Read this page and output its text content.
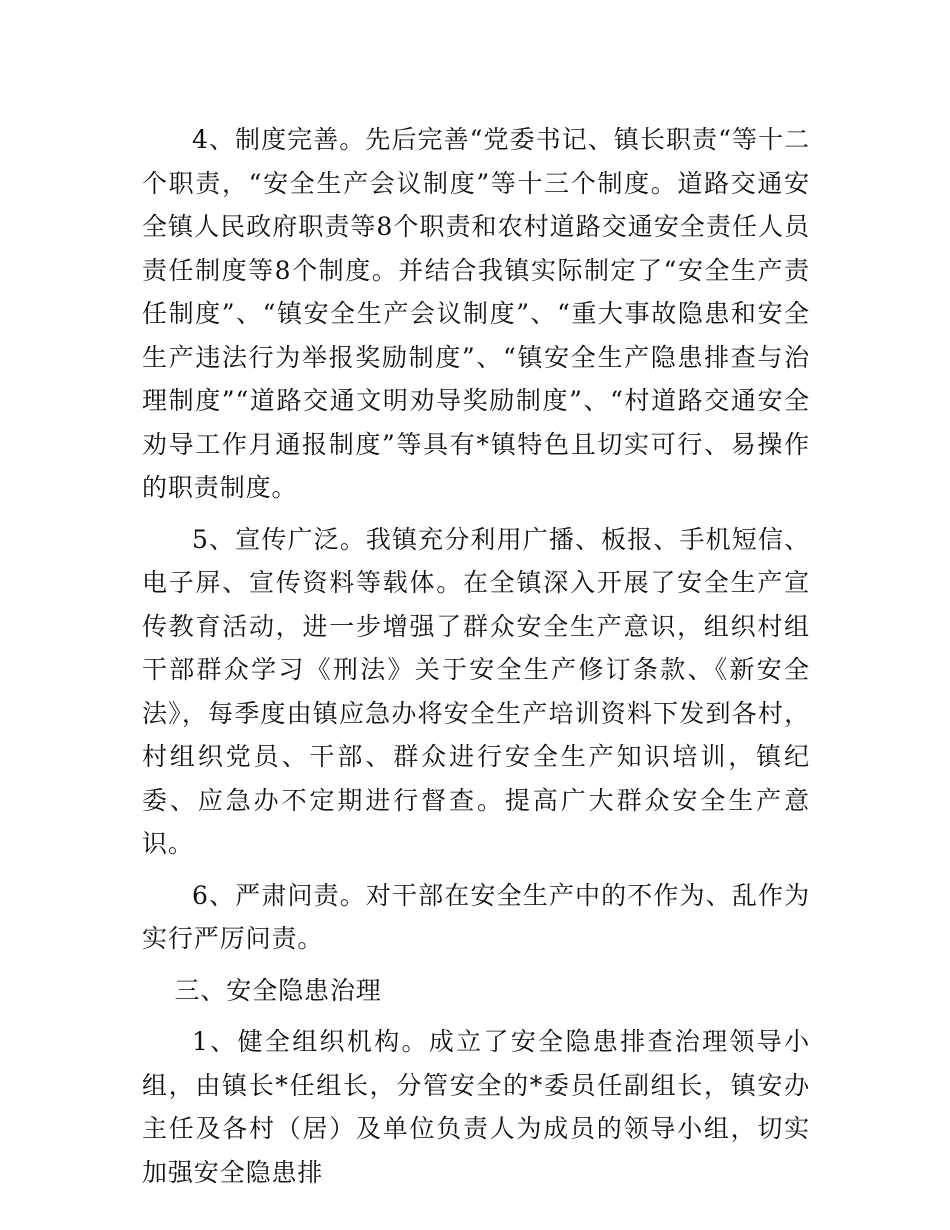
4、制度完善。先后完善“党委书记、镇长职责“等十二个职责，“安全生产会议制度”等十三个制度。道路交通安全镇人民政府职责等8个职责和农村道路交通安全责任人员责任制度等8个制度。并结合我镇实际制定了“安全生产责任制度”、“镇安全生产会议制度”、“重大事故隐患和安全生产违法行为举报奖励制度”、“镇安全生产隐患排查与治理制度”“道路交通文明劝导奖励制度”、“村道路交通安全劝导工作月通报制度”等具有*镇特色且切实可行、易操作的职责制度。

5、宣传广泛。我镇充分利用广播、板报、手机短信、电子屏、宣传资料等载体。在全镇深入开展了安全生产宣传教育活动，进一步增强了群众安全生产意识，组织村组干部群众学习《刑法》关于安全生产修订条款、《新安全法》，每季度由镇应急办将安全生产培训资料下发到各村，村组织党员、干部、群众进行安全生产知识培训，镇纪委、应急办不定期进行督查。提高广大群众安全生产意识。

6、严肃问责。对干部在安全生产中的不作为、乱作为实行严厉问责。

三、安全隐患治理

1、健全组织机构。成立了安全隐患排查治理领导小组，由镇长*任组长，分管安全的*委员任副组长，镇安办主任及各村（居）及单位负责人为成员的领导小组，切实加强安全隐患排
